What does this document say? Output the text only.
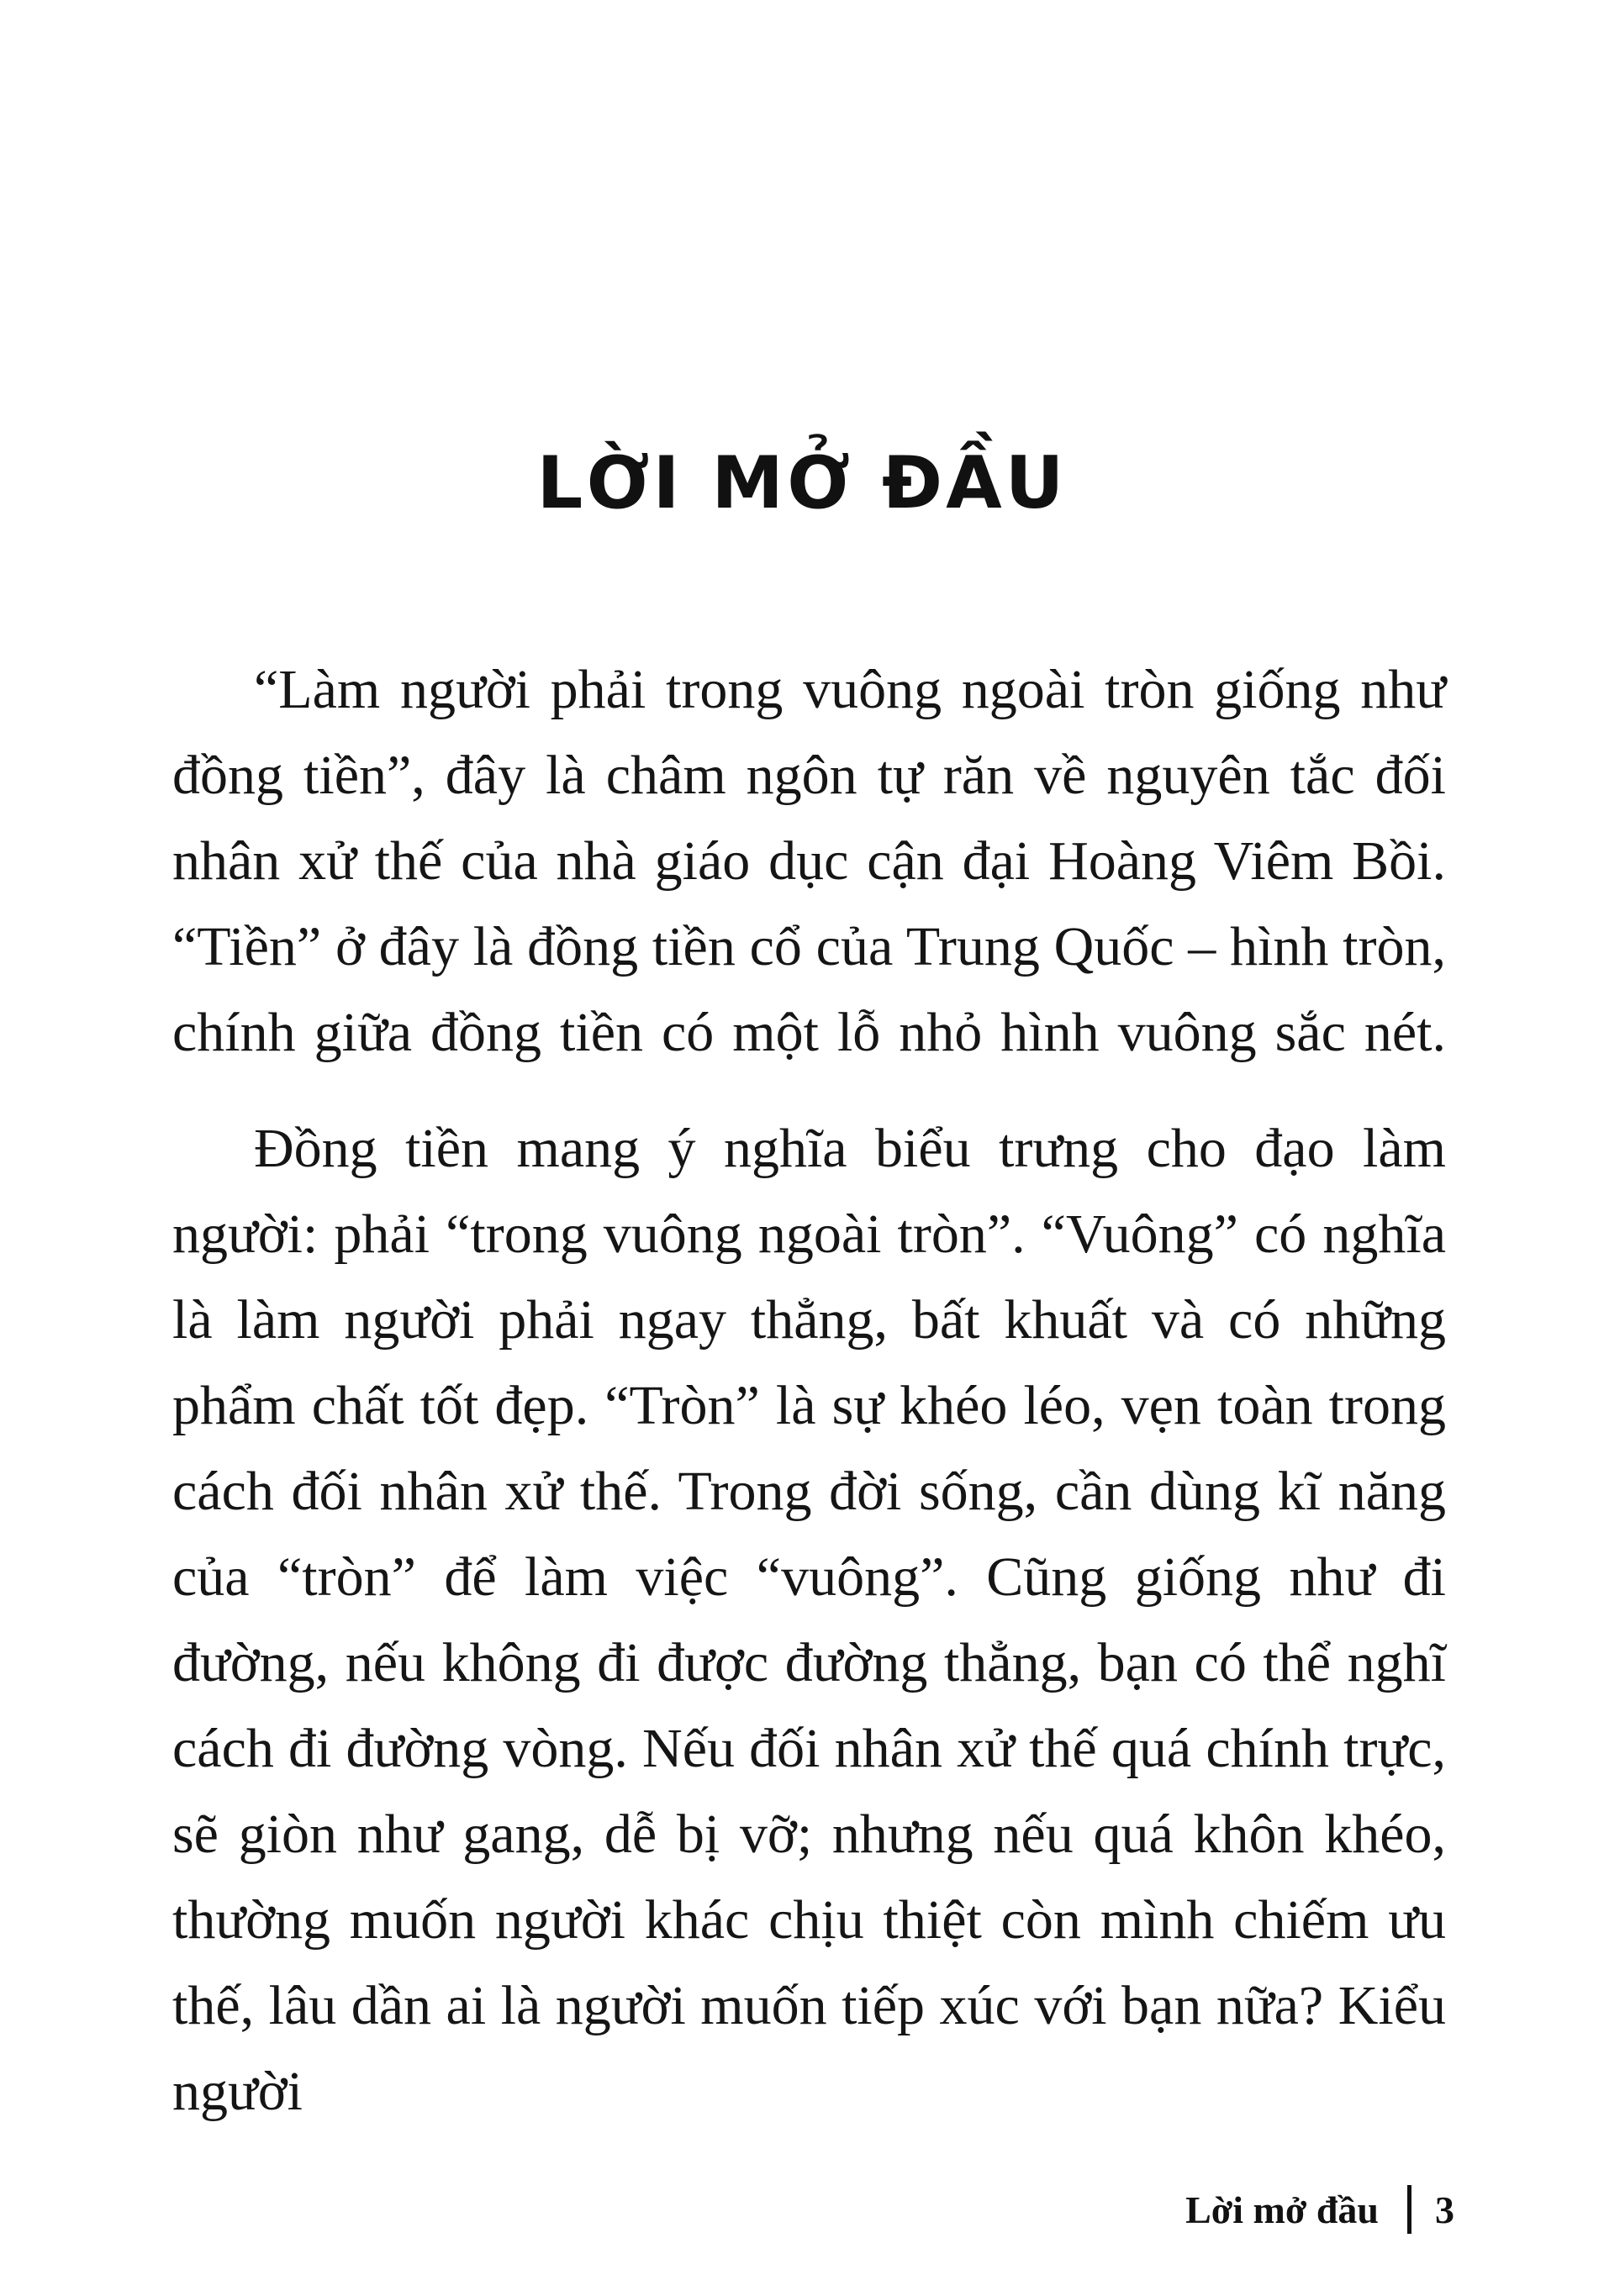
LỜI MỞ ĐẦU

“Làm người phải trong vuông ngoài tròn giống như đồng tiền”, đây là châm ngôn tự răn về nguyên tắc đối nhân xử thế của nhà giáo dục cận đại Hoàng Viêm Bồi. “Tiền” ở đây là đồng tiền cổ của Trung Quốc – hình tròn, chính giữa đồng tiền có một lỗ nhỏ hình vuông sắc nét.

Đồng tiền mang ý nghĩa biểu trưng cho đạo làm người: phải “trong vuông ngoài tròn”. “Vuông” có nghĩa là làm người phải ngay thẳng, bất khuất và có những phẩm chất tốt đẹp. “Tròn” là sự khéo léo, vẹn toàn trong cách đối nhân xử thế. Trong đời sống, cần dùng kĩ năng của “tròn” để làm việc “vuông”. Cũng giống như đi đường, nếu không đi được đường thẳng, bạn có thể nghĩ cách đi đường vòng. Nếu đối nhân xử thế quá chính trực, sẽ giòn như gang, dễ bị vỡ; nhưng nếu quá khôn khéo, thường muốn người khác chịu thiệt còn mình chiếm ưu thế, lâu dần ai là người muốn tiếp xúc với bạn nữa? Kiểu người

Lời mở đầu 3
